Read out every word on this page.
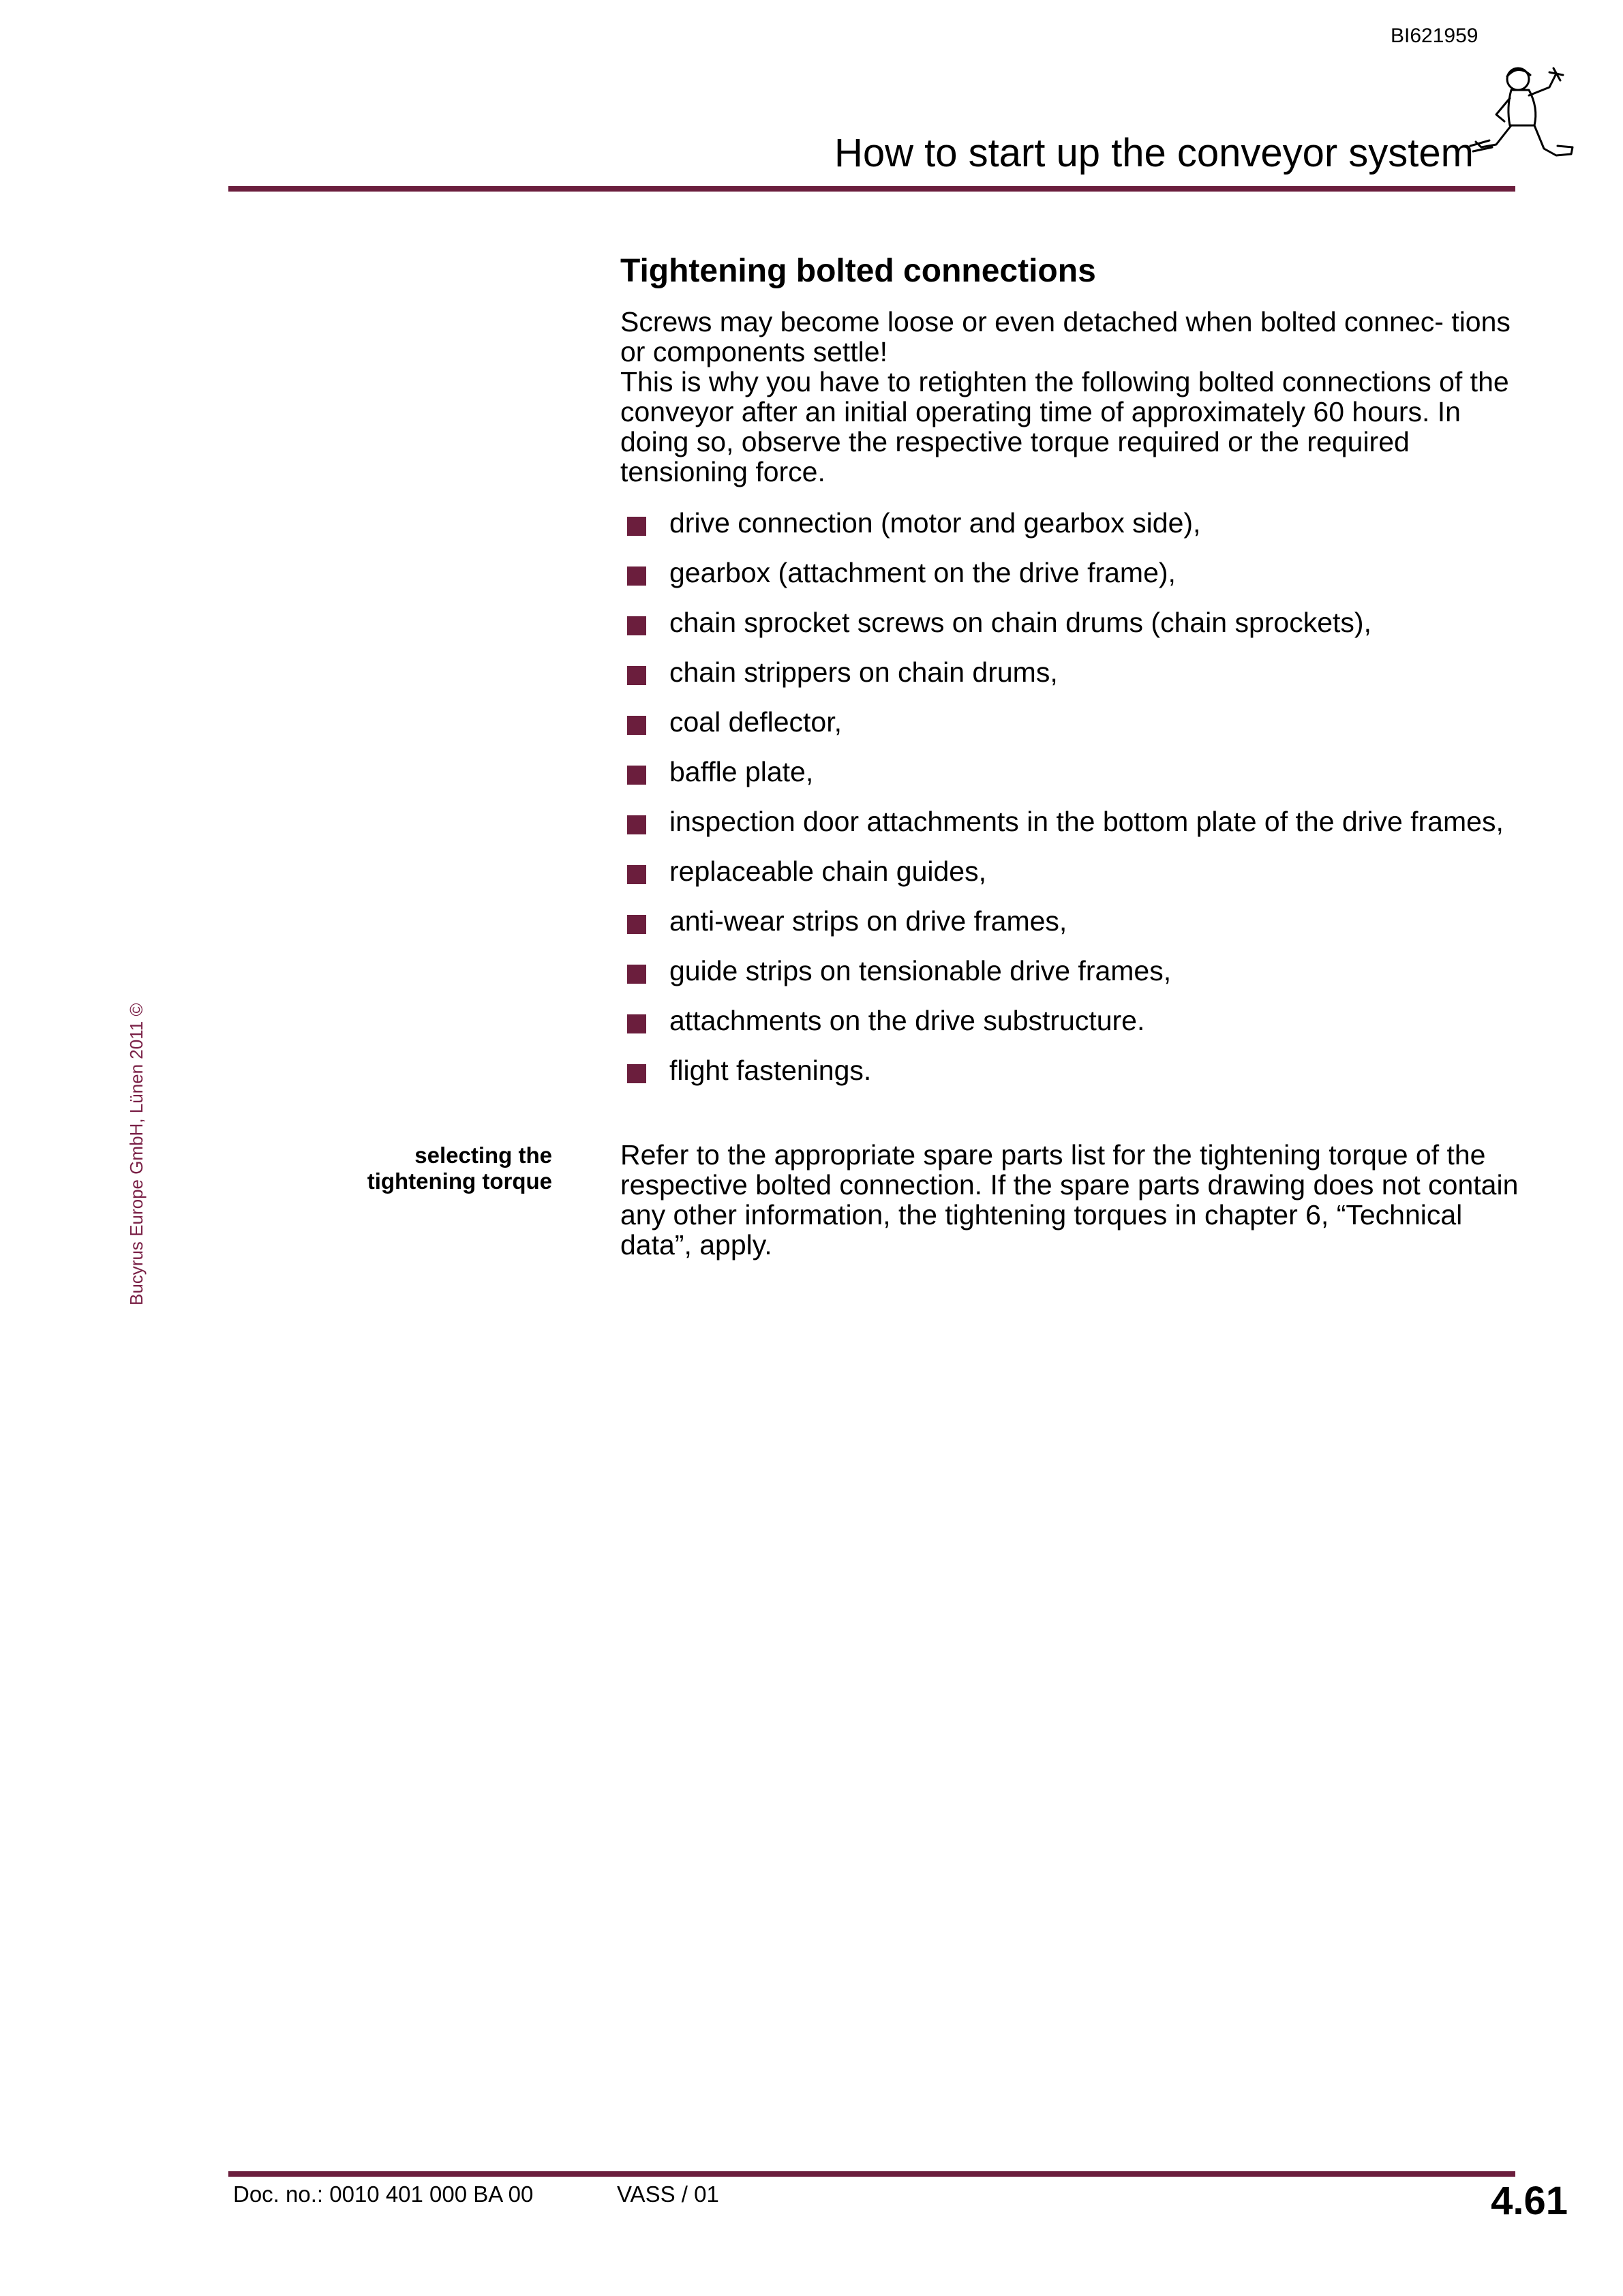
BI621959
How to start up the conveyor system
Bucyrus Europe GmbH, Lünen 2011 ©
Tightening bolted connections

Screws may become loose or even detached when bolted connec- tions or components settle!

This is why you have to retighten the following bolted connections of the conveyor after an initial operating time of approximately 60 hours. In doing so, observe the respective torque required or the required tensioning force.

drive connection (motor and gearbox side),
gearbox (attachment on the drive frame),
chain sprocket screws on chain drums (chain sprockets),
chain strippers on chain drums,
coal deflector,
baffle plate,
inspection door attachments in the bottom plate of the drive frames,
replaceable chain guides,
anti-wear strips on drive frames,
guide strips on tensionable drive frames,
attachments on the drive substructure.
flight fastenings.
selecting the
tightening torque
Refer to the appropriate spare parts list for the tightening torque of the respective bolted connection. If the spare parts drawing does not contain any other information, the tightening torques in chapter 6, “Technical data”, apply.
Doc. no.: 0010 401 000 BA 00	VASS / 01	4.61
